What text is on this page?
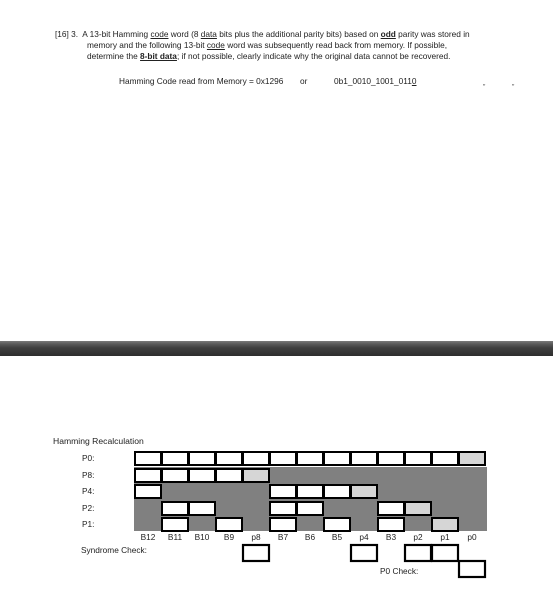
[16] 3. A 13-bit Hamming code word (8 data bits plus the additional parity bits) based on odd parity was stored in
memory and the following 13-bit code word was subsequently read back from memory. If possible,
determine the 8-bit data; if not possible, clearly indicate why the original data cannot be recovered.
Hamming Code read from Memory = 0x1296 or	0b1_0010_1001_0110
”	”
Hamming Recalculation
P0:
P8:
P4:
P2:
P1:
B12 B11 B10 B9 p8 B7 B6 B5 p4 B3 p2 p1 p0
Syndrome Check:
P0 Check:
